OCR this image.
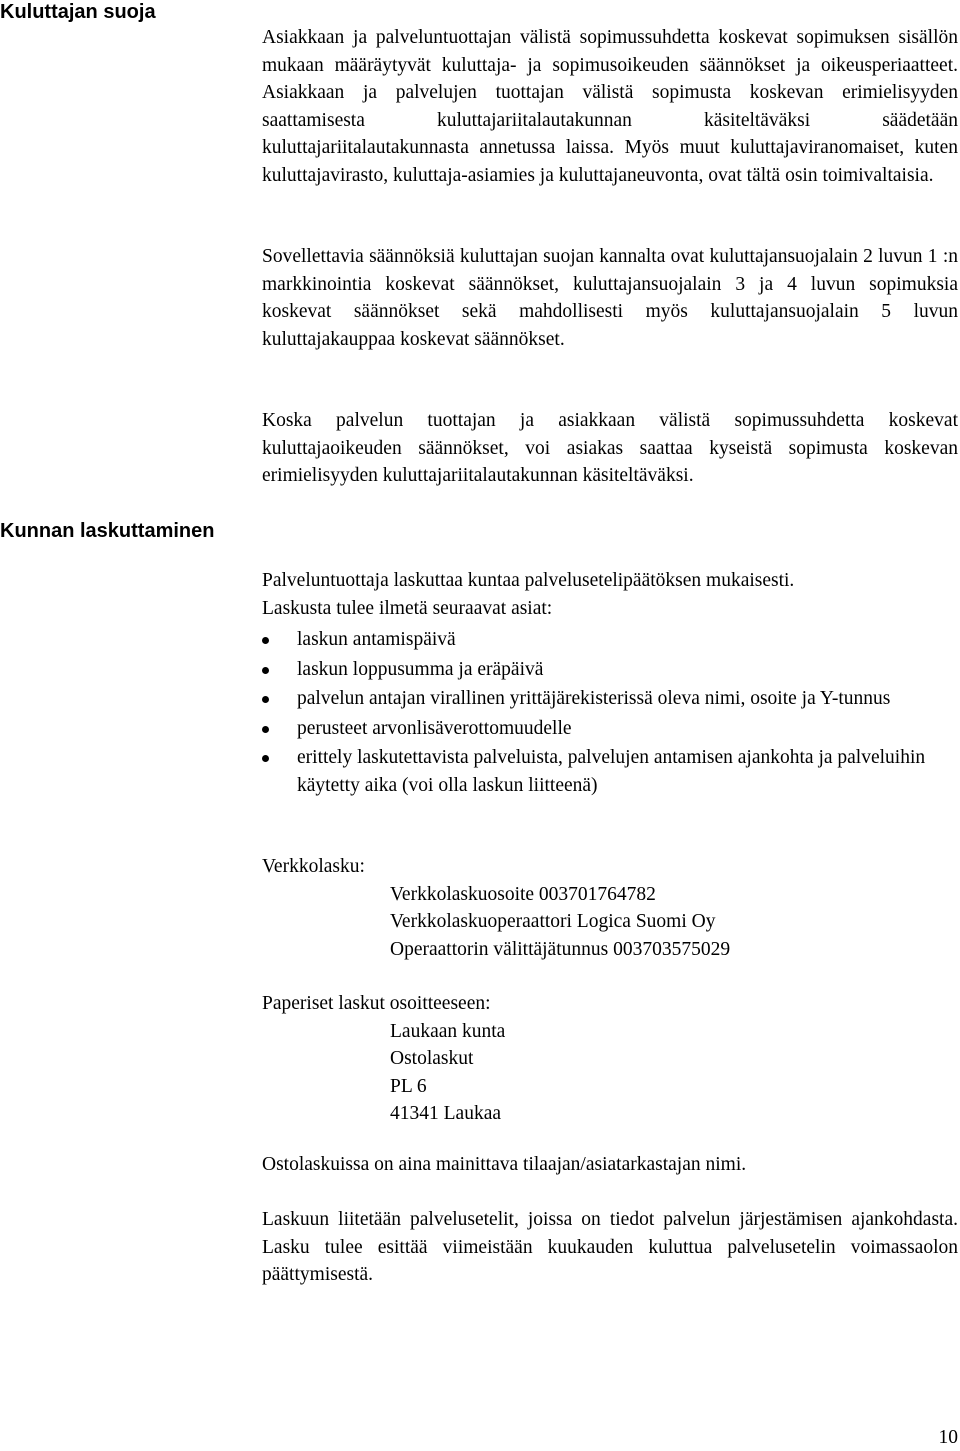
Kuluttajan suoja
Asiakkaan ja palveluntuottajan välistä sopimussuhdetta koskevat sopimuksen sisällön mukaan määräytyvät kuluttaja- ja sopimusoikeuden säännökset ja oikeusperiaatteet. Asiakkaan ja palvelujen tuottajan välistä sopimusta koskevan erimielisyyden saattamisesta kuluttajariitalautakunnan käsiteltäväksi säädetään kuluttajariitalautakunnasta annetussa laissa. Myös muut kuluttajaviranomaiset, kuten kuluttajavirasto, kuluttaja-asiamies ja kuluttajaneuvonta, ovat tältä osin toimivaltaisia.
Sovellettavia säännöksiä kuluttajan suojan kannalta ovat kuluttajansuojalain 2 luvun 1 :n markkinointia koskevat säännökset, kuluttajansuojalain 3 ja 4 luvun sopimuksia koskevat säännökset sekä mahdollisesti myös kuluttajansuojalain 5 luvun kuluttajakauppaa koskevat säännökset.
Koska palvelun tuottajan ja asiakkaan välistä sopimussuhdetta koskevat kuluttajaoikeuden säännökset, voi asiakas saattaa kyseistä sopimusta koskevan erimielisyyden kuluttajariitalautakunnan käsiteltäväksi.
Kunnan laskuttaminen
Palveluntuottaja laskuttaa kuntaa palvelusetelipäätöksen mukaisesti.
Laskusta tulee ilmetä seuraavat asiat:
laskun antamispäivä
laskun loppusumma ja eräpäivä
palvelun antajan virallinen yrittäjärekisterissä oleva nimi, osoite ja Y-tunnus
perusteet arvonlisäverottomuudelle
erittely laskutettavista palveluista, palvelujen antamisen ajankohta ja palveluihin käytetty aika (voi olla laskun liitteenä)
Verkkolasku:
Verkkolaskuosoite 003701764782
Verkkolaskuoperaattori Logica Suomi Oy
Operaattorin välittäjätunnus 003703575029
Paperiset laskut osoitteeseen:
Laukaan kunta
Ostolaskut
PL 6
41341 Laukaa
Ostolaskuissa on aina mainittava tilaajan/asiatarkastajan nimi.
Laskuun liitetään palvelusetelit, joissa on tiedot palvelun järjestämisen ajankohdasta. Lasku tulee esittää viimeistään kuukauden kuluttua palvelusetelin voimassaolon päättymisestä.
10
